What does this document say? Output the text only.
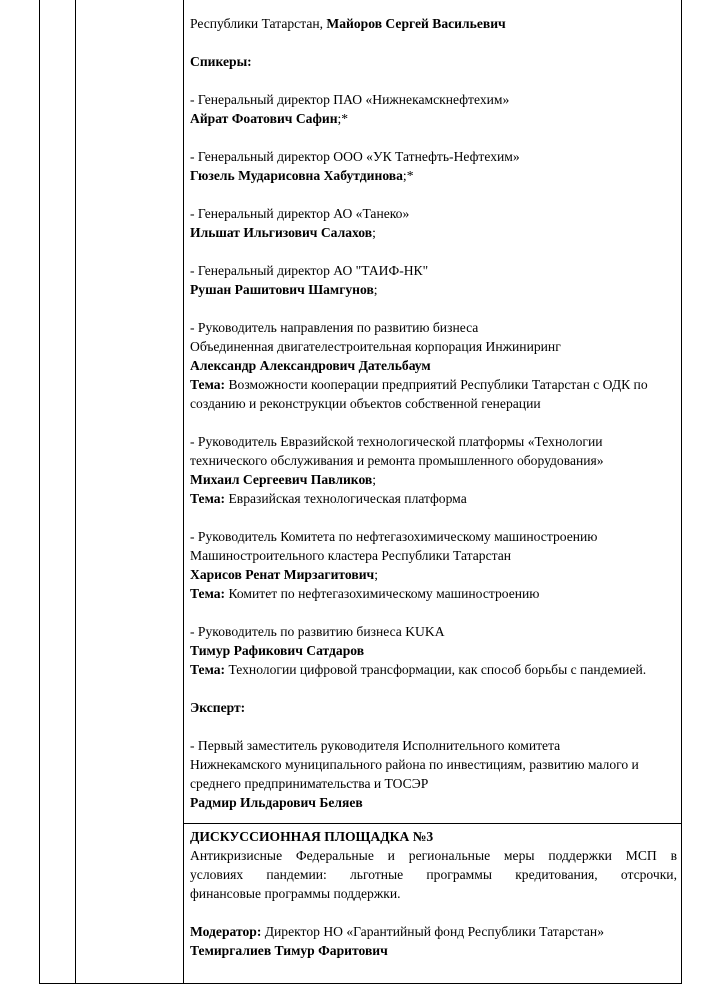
Республики Татарстан, Майоров Сергей Васильевич

Спикеры:

- Генеральный директор ПАО «Нижнекамскнефтехим»

Айрат Фоатович Сафин;*

- Генеральный директор ООО «УК Татнефть-Нефтехим»

Гюзель Мударисовна Хабутдинова;*

- Генеральный директор АО «Танеко»

Ильшат Ильгизович Салахов;

- Генеральный директор АО "ТАИФ-НК"

Рушан Рашитович Шамгунов;

- Руководитель направления по развитию бизнеса

Объединенная двигателестроительная корпорация Инжиниринг

Александр Александрович Дательбаум

Тема: Возможности кооперации предприятий Республики Татарстан с ОДК по

созданию и реконструкции объектов собственной генерации

- Руководитель Евразийской технологической платформы «Технологии

технического обслуживания и ремонта промышленного оборудования»

Михаил Сергеевич Павликов;

Тема: Евразийская технологическая платформа

- Руководитель Комитета по нефтегазохимическому машиностроению

Машиностроительного кластера Республики Татарстан

Харисов Ренат Мирзагитович;

Тема: Комитет по нефтегазохимическому машиностроению

- Руководитель по развитию бизнеса KUKA

Тимур Рафикович Сатдаров

Тема: Технологии цифровой трансформации, как способ борьбы с пандемией.

Эксперт:

- Первый заместитель руководителя Исполнительного комитета

Нижнекамского муниципального района по инвестициям, развитию малого и

среднего предпринимательства и ТОСЭР

Радмир Ильдарович Беляев

ДИСКУССИОННАЯ ПЛОЩАДКА №3

Антикризисные Федеральные и региональные меры поддержки МСП в

условиях пандемии: льготные программы кредитования, отсрочки,

финансовые программы поддержки.

Модератор: Директор НО «Гарантийный фонд Республики Татарстан»

Темиргалиев Тимур Фаритович
